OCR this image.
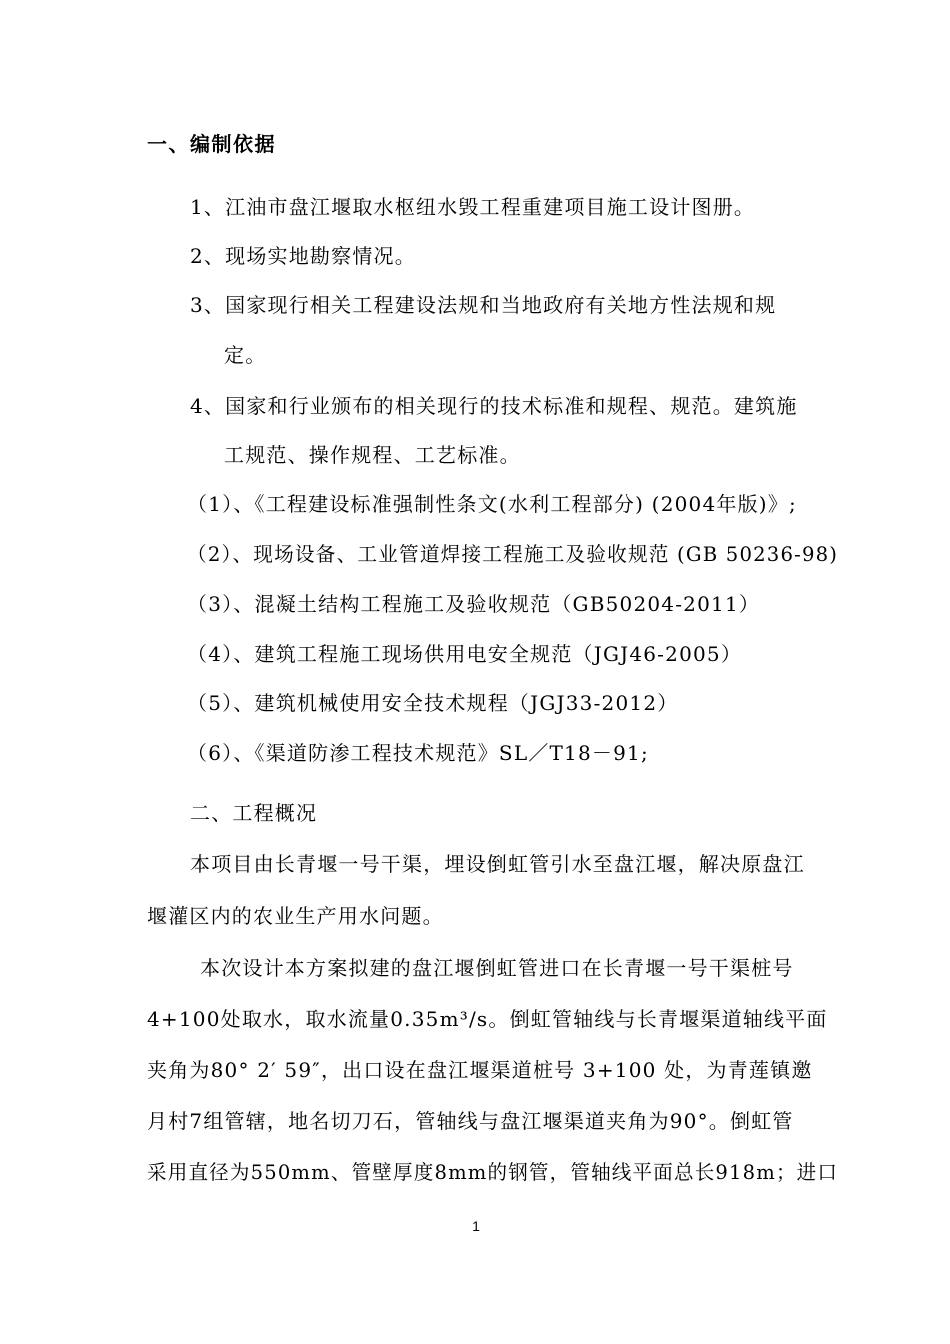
一、编制依据
1、江油市盘江堰取水枢纽水毁工程重建项目施工设计图册。
2、现场实地勘察情况。
3、国家现行相关工程建设法规和当地政府有关地方性法规和规
定。
4、国家和行业颁布的相关现行的技术标准和规程、规范。建筑施
工规范、操作规程、工艺标准。
（1）、《工程建设标准强制性条文(水利工程部分) (2004年版)》;
（2）、现场设备、工业管道焊接工程施工及验收规范 (GB 50236-98)
（3）、混凝土结构工程施工及验收规范（GB50204-2011）
（4）、建筑工程施工现场供用电安全规范（JGJ46-2005）
（5）、建筑机械使用安全技术规程（JGJ33-2012）
（6）、《渠道防渗工程技术规范》SL／T18－91;
二、工程概况
本项目由长青堰一号干渠，埋设倒虹管引水至盘江堰，解决原盘江
堰灌区内的农业生产用水问题。
本次设计本方案拟建的盘江堰倒虹管进口在长青堰一号干渠桩号
4+100处取水，取水流量0.35m³/s。倒虹管轴线与长青堰渠道轴线平面
夹角为80° 2′ 59″，出口设在盘江堰渠道桩号 3+100 处，为青莲镇邀
月村7组管辖，地名切刀石，管轴线与盘江堰渠道夹角为90°。倒虹管
采用直径为550mm、管壁厚度8mm的钢管，管轴线平面总长918m；进口
1
